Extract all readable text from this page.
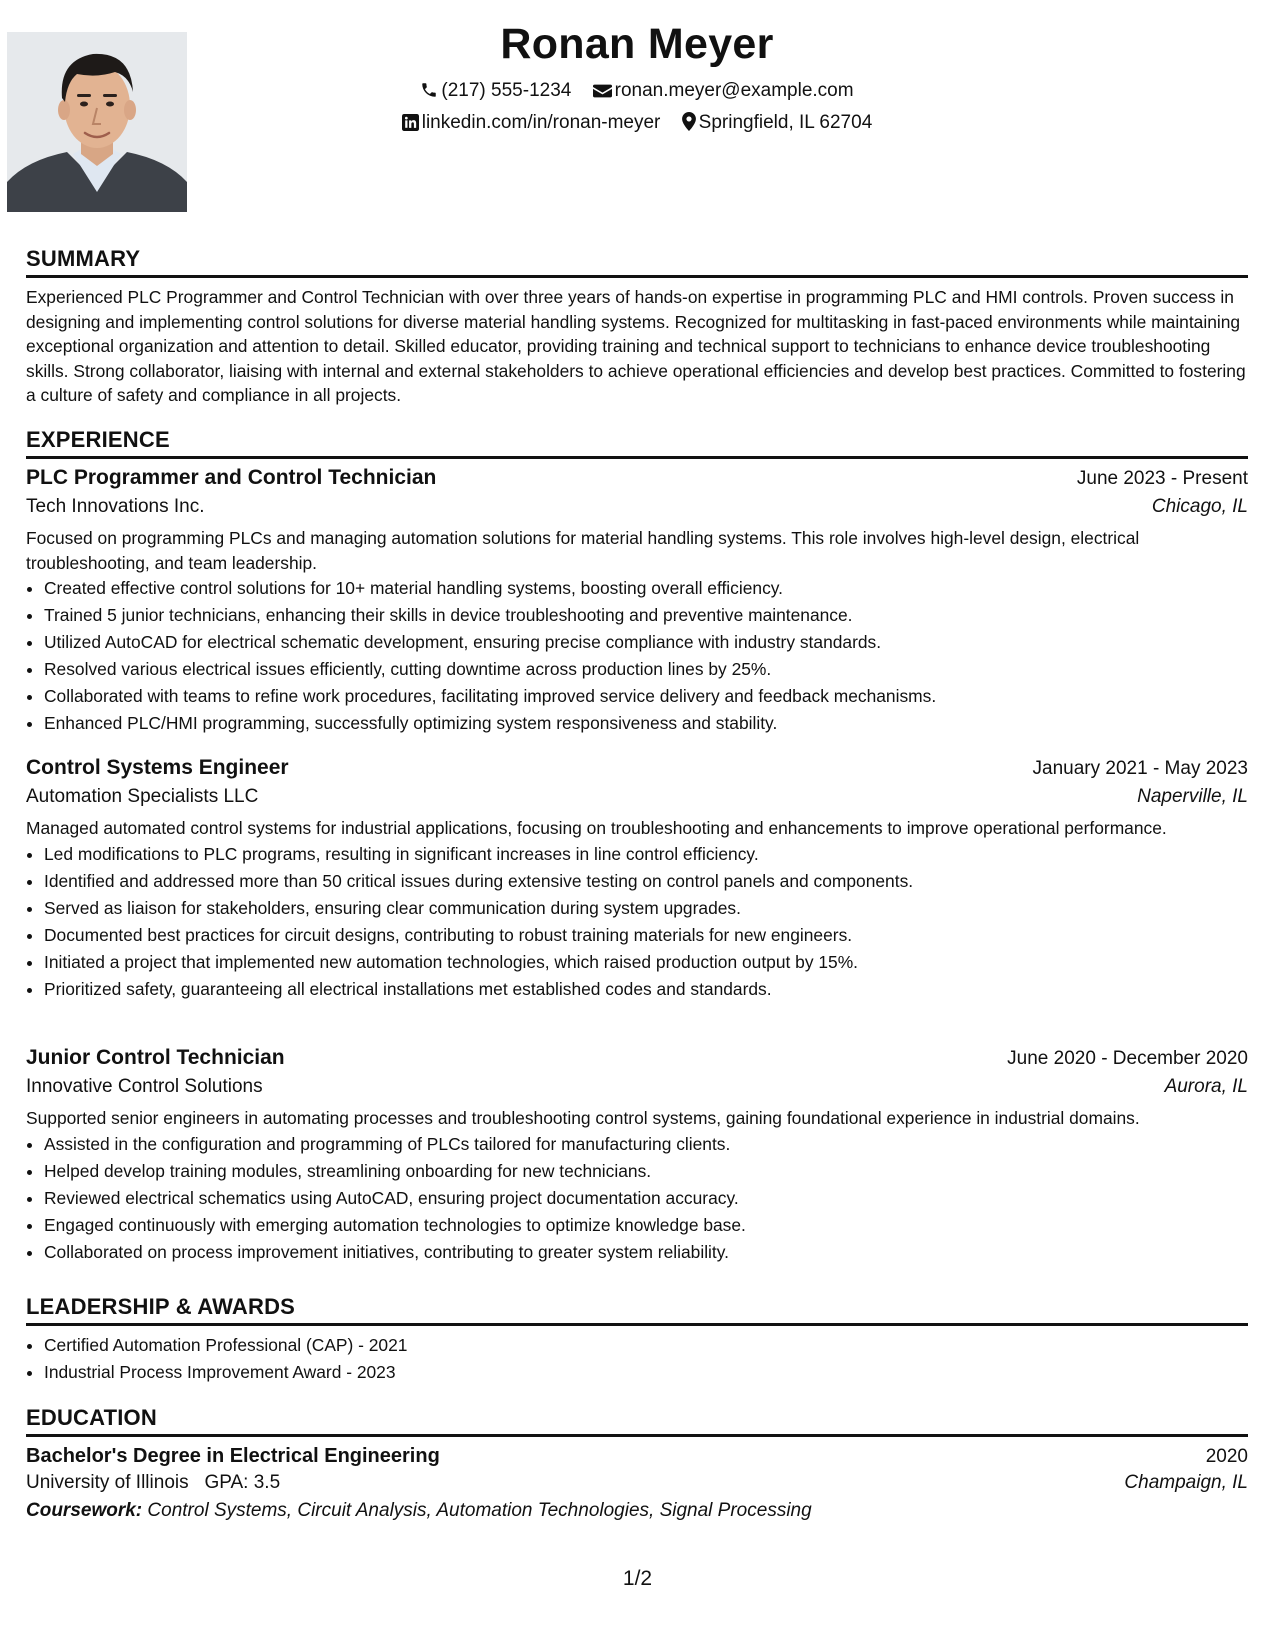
Ronan Meyer
(217) 555-1234 ronan.meyer@example.com
linkedin.com/in/ronan-meyer Springfield, IL 62704
SUMMARY
Experienced PLC Programmer and Control Technician with over three years of hands-on expertise in programming PLC and HMI controls. Proven success in designing and implementing control solutions for diverse material handling systems. Recognized for multitasking in fast-paced environments while maintaining exceptional organization and attention to detail. Skilled educator, providing training and technical support to technicians to enhance device troubleshooting skills. Strong collaborator, liaising with internal and external stakeholders to achieve operational efficiencies and develop best practices. Committed to fostering a culture of safety and compliance in all projects.
EXPERIENCE
PLC Programmer and Control Technician	June 2023 - Present
Tech Innovations Inc.	Chicago, IL
Focused on programming PLCs and managing automation solutions for material handling systems. This role involves high-level design, electrical troubleshooting, and team leadership.
• Created effective control solutions for 10+ material handling systems, boosting overall efficiency.
• Trained 5 junior technicians, enhancing their skills in device troubleshooting and preventive maintenance.
• Utilized AutoCAD for electrical schematic development, ensuring precise compliance with industry standards.
• Resolved various electrical issues efficiently, cutting downtime across production lines by 25%.
• Collaborated with teams to refine work procedures, facilitating improved service delivery and feedback mechanisms.
• Enhanced PLC/HMI programming, successfully optimizing system responsiveness and stability.
Control Systems Engineer	January 2021 - May 2023
Automation Specialists LLC	Naperville, IL
Managed automated control systems for industrial applications, focusing on troubleshooting and enhancements to improve operational performance.
• Led modifications to PLC programs, resulting in significant increases in line control efficiency.
• Identified and addressed more than 50 critical issues during extensive testing on control panels and components.
• Served as liaison for stakeholders, ensuring clear communication during system upgrades.
• Documented best practices for circuit designs, contributing to robust training materials for new engineers.
• Initiated a project that implemented new automation technologies, which raised production output by 15%.
• Prioritized safety, guaranteeing all electrical installations met established codes and standards.
Junior Control Technician	June 2020 - December 2020
Innovative Control Solutions	Aurora, IL
Supported senior engineers in automating processes and troubleshooting control systems, gaining foundational experience in industrial domains.
• Assisted in the configuration and programming of PLCs tailored for manufacturing clients.
• Helped develop training modules, streamlining onboarding for new technicians.
• Reviewed electrical schematics using AutoCAD, ensuring project documentation accuracy.
• Engaged continuously with emerging automation technologies to optimize knowledge base.
• Collaborated on process improvement initiatives, contributing to greater system reliability.
LEADERSHIP & AWARDS
• Certified Automation Professional (CAP) - 2021
• Industrial Process Improvement Award - 2023
EDUCATION
Bachelor's Degree in Electrical Engineering	2020
University of Illinois GPA: 3.5	Champaign, IL
Coursework: Control Systems, Circuit Analysis, Automation Technologies, Signal Processing
1/2
